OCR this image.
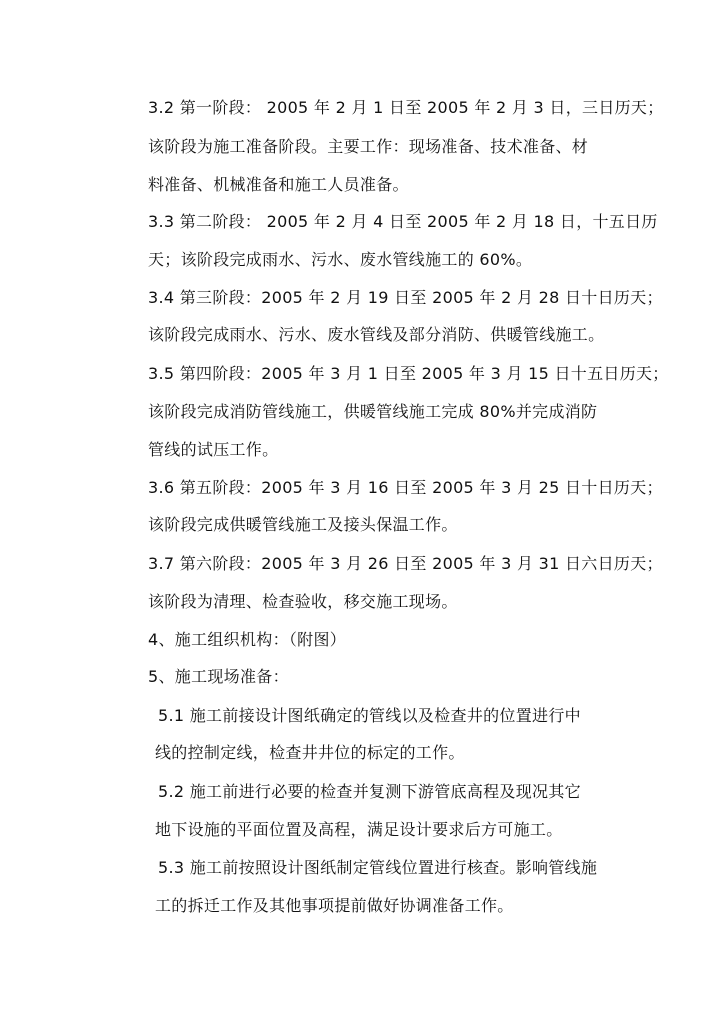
3.2 第一阶段： 2005 年 2 月 1 日至 2005 年 2 月 3 日，三日历天；
该阶段为施工准备阶段。主要工作：现场准备、技术准备、材
料准备、机械准备和施工人员准备。
3.3 第二阶段： 2005 年 2 月 4 日至 2005 年 2 月 18 日，十五日历
天；该阶段完成雨水、污水、废水管线施工的 60%。
3.4 第三阶段：2005 年 2 月 19 日至 2005 年 2 月 28 日十日历天；
该阶段完成雨水、污水、废水管线及部分消防、供暖管线施工。
3.5 第四阶段：2005 年 3 月 1 日至 2005 年 3 月 15 日十五日历天；
该阶段完成消防管线施工，供暖管线施工完成 80%并完成消防
管线的试压工作。
3.6 第五阶段：2005 年 3 月 16 日至 2005 年 3 月 25 日十日历天；
该阶段完成供暖管线施工及接头保温工作。
3.7 第六阶段：2005 年 3 月 26 日至 2005 年 3 月 31 日六日历天；
该阶段为清理、检查验收，移交施工现场。
4、施工组织机构：（附图）
5、施工现场准备：
5.1 施工前接设计图纸确定的管线以及检查井的位置进行中
线的控制定线，检查井井位的标定的工作。
5.2 施工前进行必要的检查并复测下游管底高程及现况其它
地下设施的平面位置及高程，满足设计要求后方可施工。
5.3 施工前按照设计图纸制定管线位置进行核查。影响管线施
工的拆迁工作及其他事项提前做好协调准备工作。
